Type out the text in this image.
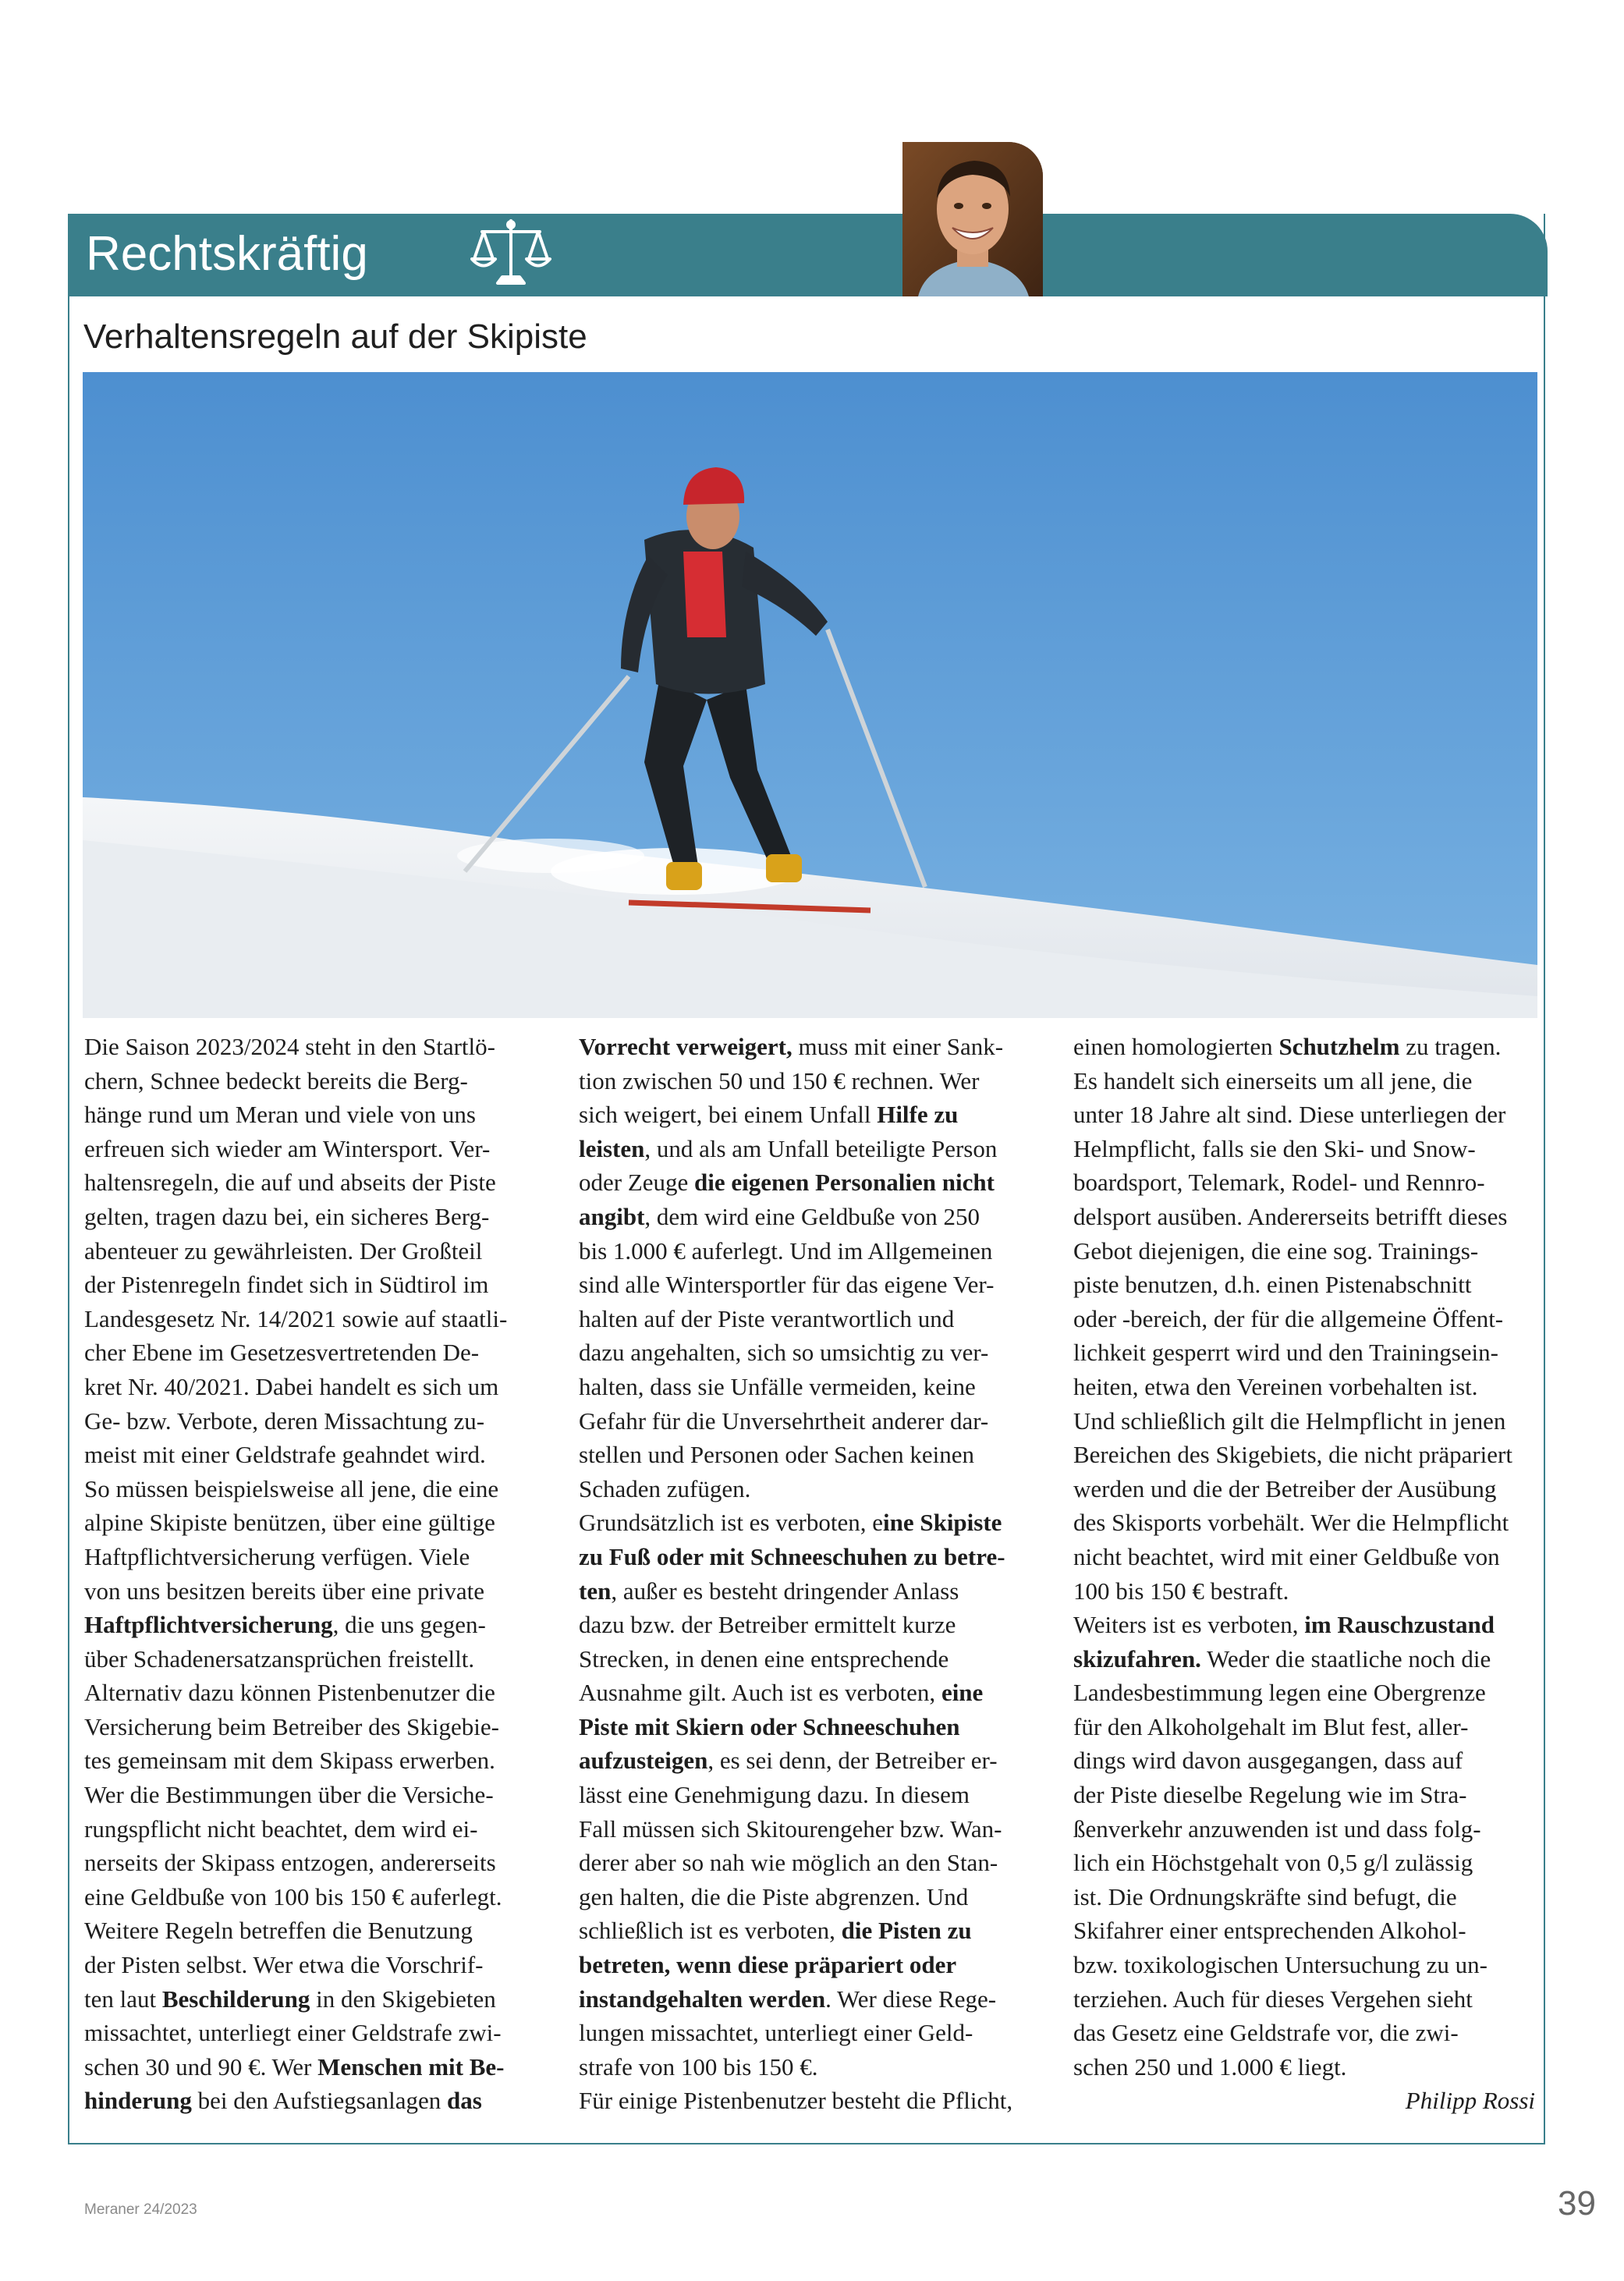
Rechtskräftig
Verhaltensregeln auf der Skipiste
Die Saison 2023/2024 steht in den Startlö-
chern, Schnee bedeckt bereits die Berg-
hänge rund um Meran und viele von uns
erfreuen sich wieder am Wintersport. Ver-
haltensregeln, die auf und abseits der Piste
gelten, tragen dazu bei, ein sicheres Berg-
abenteuer zu gewährleisten. Der Großteil
der Pistenregeln findet sich in Südtirol im
Landesgesetz Nr. 14/2021 sowie auf staatli-
cher Ebene im Gesetzesvertretenden De-
kret Nr. 40/2021. Dabei handelt es sich um
Ge- bzw. Verbote, deren Missachtung zu-
meist mit einer Geldstrafe geahndet wird.
So müssen beispielsweise all jene, die eine
alpine Skipiste benützen, über eine gültige
Haftpflichtversicherung verfügen. Viele
von uns besitzen bereits über eine private
Haftpflichtversicherung, die uns gegen-
über Schadenersatzansprüchen freistellt.
Alternativ dazu können Pistenbenutzer die
Versicherung beim Betreiber des Skigebie-
tes gemeinsam mit dem Skipass erwerben.
Wer die Bestimmungen über die Versiche-
rungspflicht nicht beachtet, dem wird ei-
nerseits der Skipass entzogen, andererseits
eine Geldbuße von 100 bis 150 € auferlegt.
Weitere Regeln betreffen die Benutzung
der Pisten selbst. Wer etwa die Vorschrif-
ten laut Beschilderung in den Skigebieten
missachtet, unterliegt einer Geldstrafe zwi-
schen 30 und 90 €. Wer Menschen mit Be-
hinderung bei den Aufstiegsanlagen das
Vorrecht verweigert, muss mit einer Sank-
tion zwischen 50 und 150 € rechnen. Wer
sich weigert, bei einem Unfall Hilfe zu
leisten, und als am Unfall beteiligte Person
oder Zeuge die eigenen Personalien nicht
angibt, dem wird eine Geldbuße von 250
bis 1.000 € auferlegt. Und im Allgemeinen
sind alle Wintersportler für das eigene Ver-
halten auf der Piste verantwortlich und
dazu angehalten, sich so umsichtig zu ver-
halten, dass sie Unfälle vermeiden, keine
Gefahr für die Unversehrtheit anderer dar-
stellen und Personen oder Sachen keinen
Schaden zufügen.
Grundsätzlich ist es verboten, eine Skipiste
zu Fuß oder mit Schneeschuhen zu betre-
ten, außer es besteht dringender Anlass
dazu bzw. der Betreiber ermittelt kurze
Strecken, in denen eine entsprechende
Ausnahme gilt. Auch ist es verboten, eine
Piste mit Skiern oder Schneeschuhen
aufzusteigen, es sei denn, der Betreiber er-
lässt eine Genehmigung dazu. In diesem
Fall müssen sich Skitourengeher bzw. Wan-
derer aber so nah wie möglich an den Stan-
gen halten, die die Piste abgrenzen. Und
schließlich ist es verboten, die Pisten zu
betreten, wenn diese präpariert oder
instandgehalten werden. Wer diese Rege-
lungen missachtet, unterliegt einer Geld-
strafe von 100 bis 150 €.
Für einige Pistenbenutzer besteht die Pflicht,
einen homologierten Schutzhelm zu tragen.
Es handelt sich einerseits um all jene, die
unter 18 Jahre alt sind. Diese unterliegen der
Helmpflicht, falls sie den Ski- und Snow-
boardsport, Telemark, Rodel- und Rennro-
delsport ausüben. Andererseits betrifft dieses
Gebot diejenigen, die eine sog. Trainings-
piste benutzen, d.h. einen Pistenabschnitt
oder -bereich, der für die allgemeine Öffent-
lichkeit gesperrt wird und den Trainingsein-
heiten, etwa den Vereinen vorbehalten ist.
Und schließlich gilt die Helmpflicht in jenen
Bereichen des Skigebiets, die nicht präpariert
werden und die der Betreiber der Ausübung
des Skisports vorbehält. Wer die Helmpflicht
nicht beachtet, wird mit einer Geldbuße von
100 bis 150 € bestraft.
Weiters ist es verboten, im Rauschzustand
skizufahren. Weder die staatliche noch die
Landesbestimmung legen eine Obergrenze
für den Alkoholgehalt im Blut fest, aller-
dings wird davon ausgegangen, dass auf
der Piste dieselbe Regelung wie im Stra-
ßenverkehr anzuwenden ist und dass folg-
lich ein Höchstgehalt von 0,5 g/l zulässig
ist. Die Ordnungskräfte sind befugt, die
Skifahrer einer entsprechenden Alkohol-
bzw. toxikologischen Untersuchung zu un-
terziehen. Auch für dieses Vergehen sieht
das Gesetz eine Geldstrafe vor, die zwi-
schen 250 und 1.000 € liegt.
Philipp Rossi
Meraner 24/2023	39
